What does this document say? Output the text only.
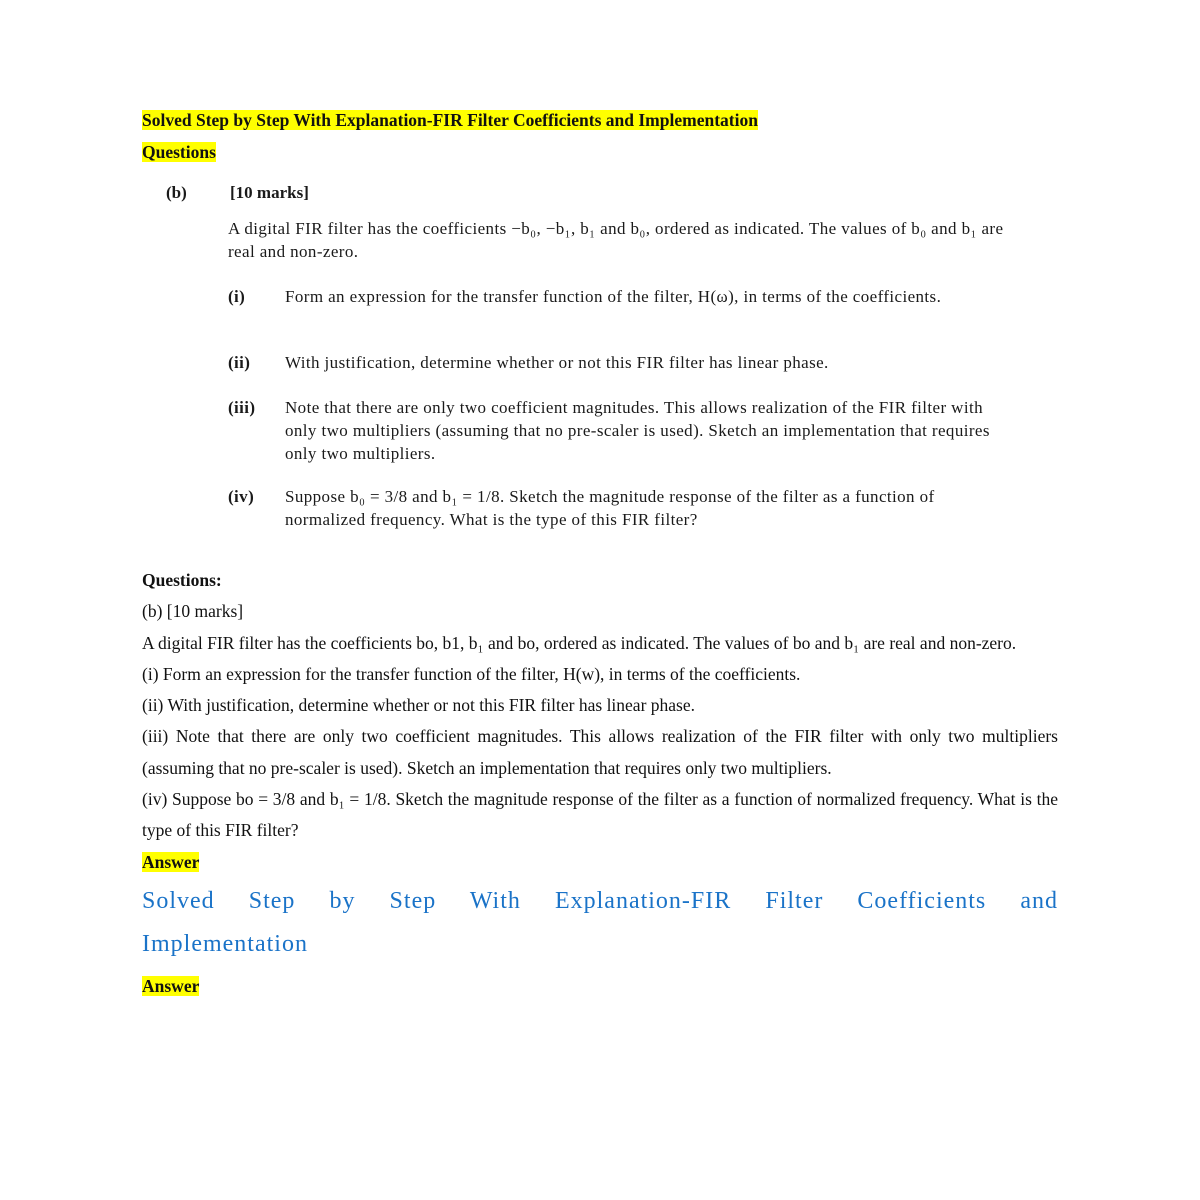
Solved Step by Step With Explanation-FIR Filter Coefficients and Implementation
Questions
(b)	[10 marks]
A digital FIR filter has the coefficients −b₀, −b₁, b₁ and b₀, ordered as indicated. The values of b₀ and b₁ are real and non-zero.
(i) Form an expression for the transfer function of the filter, H(ω), in terms of the coefficients.
(ii) With justification, determine whether or not this FIR filter has linear phase.
(iii) Note that there are only two coefficient magnitudes. This allows realization of the FIR filter with only two multipliers (assuming that no pre-scaler is used). Sketch an implementation that requires only two multipliers.
(iv) Suppose b₀ = 3/8 and b₁ = 1/8. Sketch the magnitude response of the filter as a function of normalized frequency. What is the type of this FIR filter?
Questions:
(b) [10 marks]
A digital FIR filter has the coefficients bo, b1, b₁ and bo, ordered as indicated. The values of bo and b₁ are real and non-zero.
(i) Form an expression for the transfer function of the filter, H(w), in terms of the coefficients.
(ii) With justification, determine whether or not this FIR filter has linear phase.
(iii) Note that there are only two coefficient magnitudes. This allows realization of the FIR filter with only two multipliers (assuming that no pre-scaler is used). Sketch an implementation that requires only two multipliers.
(iv) Suppose bo = 3/8 and b₁ = 1/8. Sketch the magnitude response of the filter as a function of normalized frequency. What is the type of this FIR filter?
Answer
Solved Step by Step With Explanation-FIR Filter Coefficients and Implementation
Answer
